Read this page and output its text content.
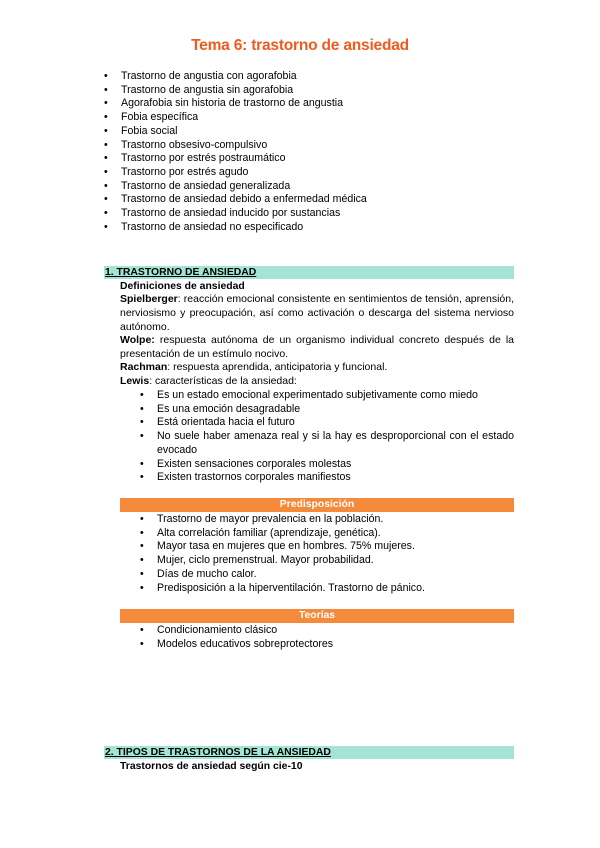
Tema 6: trastorno de ansiedad
• Trastorno de angustia con agorafobia
• Trastorno de angustia sin agorafobia
• Agorafobia sin historia de trastorno de angustia
• Fobia específica
• Fobia social
• Trastorno obsesivo-compulsivo
• Trastorno por estrés postraumático
• Trastorno por estrés agudo
• Trastorno de ansiedad generalizada
• Trastorno de ansiedad debido a enfermedad médica
• Trastorno de ansiedad inducido por sustancias
• Trastorno de ansiedad no especificado
1. TRASTORNO DE ANSIEDAD
Definiciones de ansiedad
Spielberger: reacción emocional consistente en sentimientos de tensión, aprensión, nerviosismo y preocupación, así como activación o descarga del sistema nervioso autónomo.
Wolpe: respuesta autónoma de un organismo individual concreto después de la presentación de un estímulo nocivo.
Rachman: respuesta aprendida, anticipatoria y funcional.
Lewis: características de la ansiedad:
• Es un estado emocional experimentado subjetivamente como miedo
• Es una emoción desagradable
• Está orientada hacia el futuro
• No suele haber amenaza real y si la hay es desproporcional con el estado evocado
• Existen sensaciones corporales molestas
• Existen trastornos corporales manifiestos
Predisposición
• Trastorno de mayor prevalencia en la población.
• Alta correlación familiar (aprendizaje, genética).
• Mayor tasa en mujeres que en hombres. 75% mujeres.
• Mujer, ciclo premenstrual. Mayor probabilidad.
• Días de mucho calor.
• Predisposición a la hiperventilación. Trastorno de pánico.
Teorías
• Condicionamiento clásico
• Modelos educativos sobreprotectores
2. TIPOS DE TRASTORNOS DE LA ANSIEDAD
Trastornos de ansiedad según cie-10
